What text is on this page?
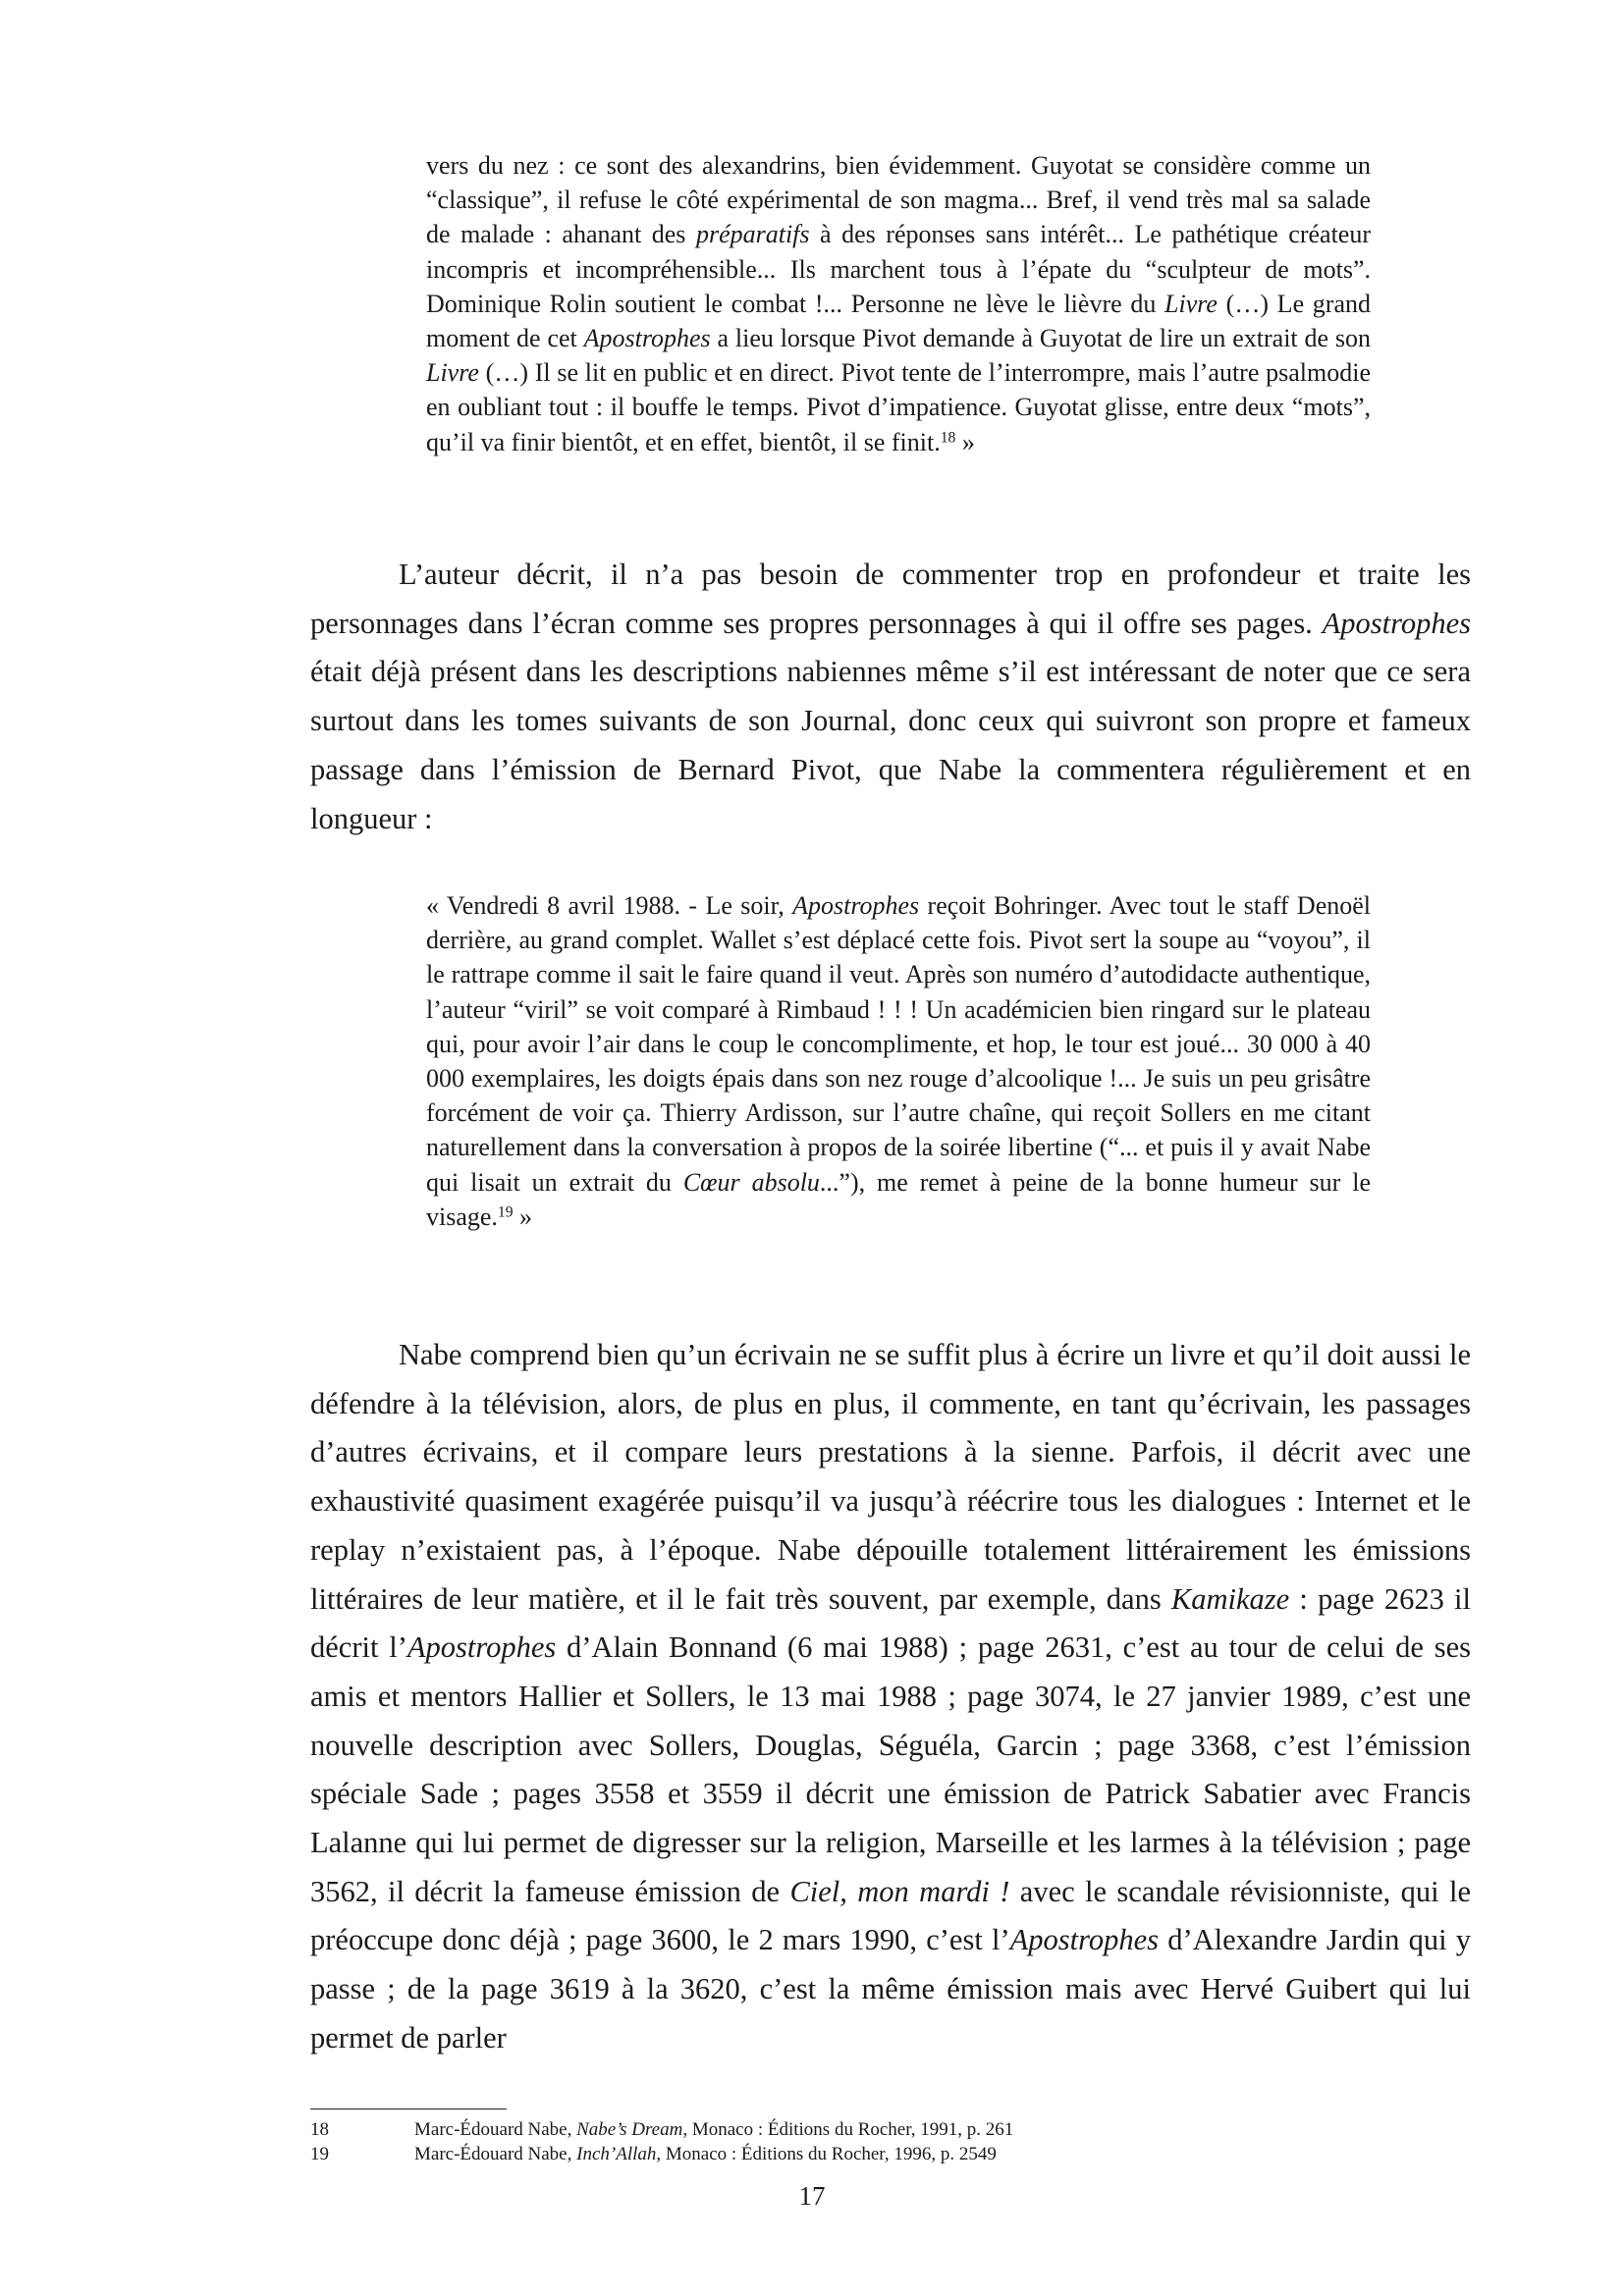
vers du nez : ce sont des alexandrins, bien évidemment. Guyotat se considère comme un “classique”, il refuse le côté expérimental de son magma... Bref, il vend très mal sa salade de malade : ahanant des préparatifs à des réponses sans intérêt... Le pathétique créateur incompris et incompréhensible... Ils marchent tous à l’épate du “sculpteur de mots”. Dominique Rolin soutient le combat !... Personne ne lève le lièvre du Livre (…) Le grand moment de cet Apostrophes a lieu lorsque Pivot demande à Guyotat de lire un extrait de son Livre (…) Il se lit en public et en direct. Pivot tente de l’interrompre, mais l’autre psalmodie en oubliant tout : il bouffe le temps. Pivot d’impatience. Guyotat glisse, entre deux “mots”, qu’il va finir bientôt, et en effet, bientôt, il se finit.$^{18}$ »

L’auteur décrit, il n’a pas besoin de commenter trop en profondeur et traite les personnages dans l’écran comme ses propres personnages à qui il offre ses pages. Apostrophes était déjà présent dans les descriptions nabiennes même s’il est intéressant de noter que ce sera surtout dans les tomes suivants de son Journal, donc ceux qui suivront son propre et fameux passage dans l’émission de Bernard Pivot, que Nabe la commentera régulièrement et en longueur :

« Vendredi 8 avril 1988. - Le soir, Apostrophes reçoit Bohringer. Avec tout le staff Denoël derrière, au grand complet. Wallet s’est déplacé cette fois. Pivot sert la soupe au “voyou”, il le rattrape comme il sait le faire quand il veut. Après son numéro d’autodidacte authentique, l’auteur “viril” se voit comparé à Rimbaud ! ! ! Un académicien bien ringard sur le plateau qui, pour avoir l’air dans le coup le concomplimente, et hop, le tour est joué... 30 000 à 40 000 exemplaires, les doigts épais dans son nez rouge d’alcoolique !... Je suis un peu grisâtre forcément de voir ça. Thierry Ardisson, sur l’autre chaîne, qui reçoit Sollers en me citant naturellement dans la conversation à propos de la soirée libertine (“... et puis il y avait Nabe qui lisait un extrait du Cœur absolu...”), me remet à peine de la bonne humeur sur le visage.$^{19}$ »

Nabe comprend bien qu’un écrivain ne se suffit plus à écrire un livre et qu’il doit aussi le défendre à la télévision, alors, de plus en plus, il commente, en tant qu’écrivain, les passages d’autres écrivains, et il compare leurs prestations à la sienne. Parfois, il décrit avec une exhaustivité quasiment exagérée puisqu’il va jusqu’à réécrire tous les dialogues : Internet et le replay n’existaient pas, à l’époque. Nabe dépouille totalement littérairement les émissions littéraires de leur matière, et il le fait très souvent, par exemple, dans Kamikaze : page 2623 il décrit l’Apostrophes d’Alain Bonnand (6 mai 1988) ; page 2631, c’est au tour de celui de ses amis et mentors Hallier et Sollers, le 13 mai 1988 ; page 3074, le 27 janvier 1989, c’est une nouvelle description avec Sollers, Douglas, Séguéla, Garcin ; page 3368, c’est l’émission spéciale Sade ; pages 3558 et 3559 il décrit une émission de Patrick Sabatier avec Francis Lalanne qui lui permet de digresser sur la religion, Marseille et les larmes à la télévision ; page 3562, il décrit la fameuse émission de Ciel, mon mardi ! avec le scandale révisionniste, qui le préoccupe donc déjà ; page 3600, le 2 mars 1990, c’est l’Apostrophes d’Alexandre Jardin qui y passe ; de la page 3619 à la 3620, c’est la même émission mais avec Hervé Guibert qui lui permet de parler

18	Marc-Édouard Nabe, Nabe’s Dream, Monaco : Éditions du Rocher, 1991, p. 261
19	Marc-Édouard Nabe, Inch’Allah, Monaco : Éditions du Rocher, 1996, p. 2549
17
